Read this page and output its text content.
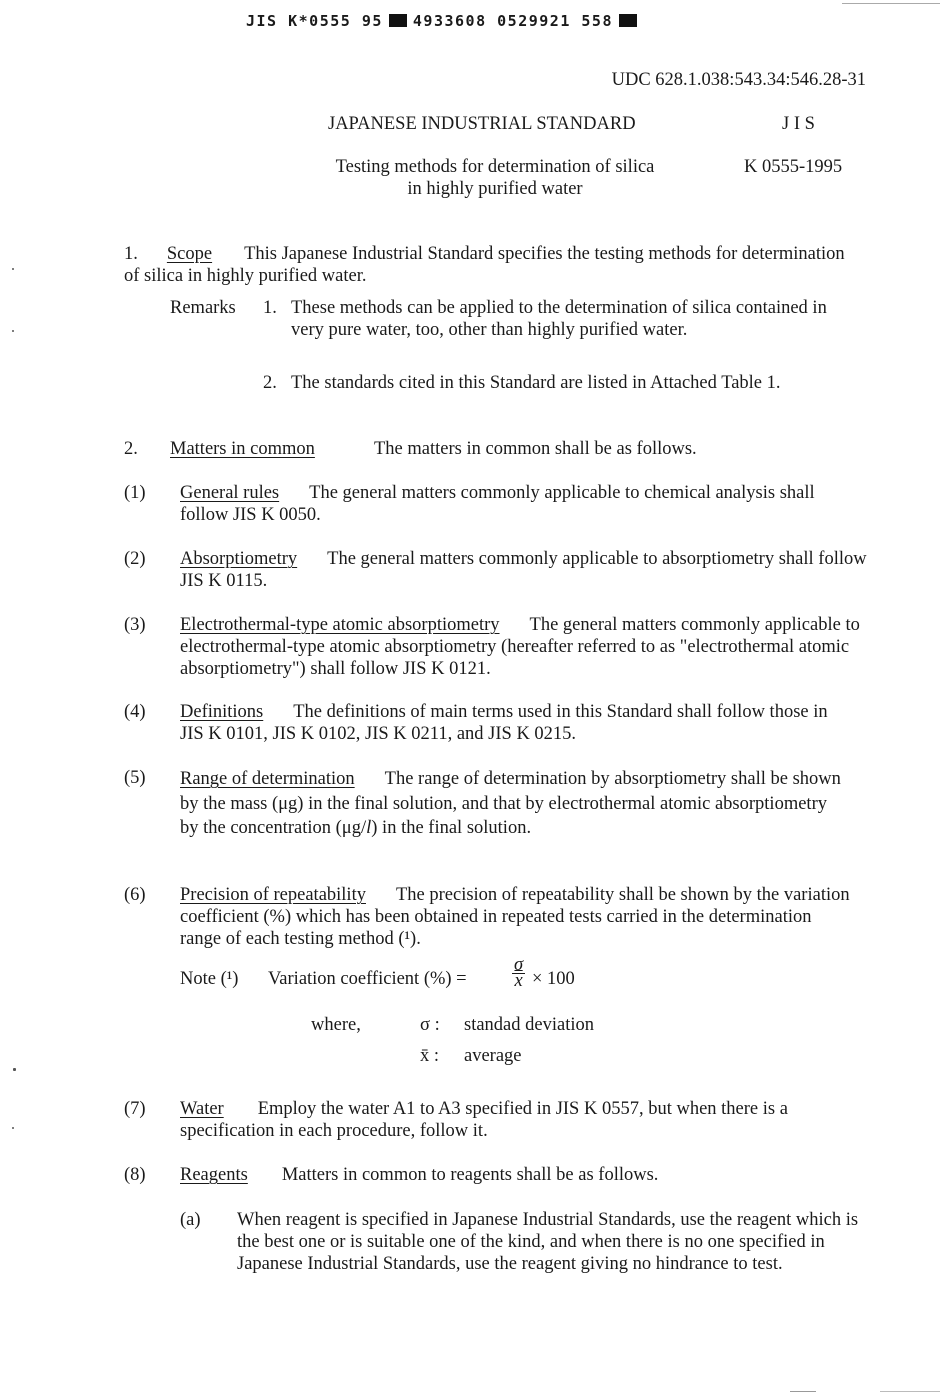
JIS K*0555 95 4933608 0529921 558
UDC 628.1.038:543.34:546.28-31
JAPANESE INDUSTRIAL STANDARD	J I S
Testing methods for determination of silica
in highly purified water
K 0555-1995
1. Scope This Japanese Industrial Standard specifies the testing methods for determination of silica in highly purified water.
Remarks 1. These methods can be applied to the determination of silica contained in very pure water, too, other than highly purified water.
2. The standards cited in this Standard are listed in Attached Table 1.
2. Matters in common	The matters in common shall be as follows.
(1) General rules The general matters commonly applicable to chemical analysis shall follow JIS K 0050.
(2) Absorptiometry The general matters commonly applicable to absorptiometry shall follow JIS K 0115.
(3) Electrothermal-type atomic absorptiometry The general matters commonly applicable to electrothermal-type atomic absorptiometry (hereafter referred to as "electrothermal atomic absorptiometry") shall follow JIS K 0121.
(4) Definitions The definitions of main terms used in this Standard shall follow those in JIS K 0101, JIS K 0102, JIS K 0211, and JIS K 0215.
(5) Range of determination The range of determination by absorptiometry shall be shown by the mass (μg) in the final solution, and that by electrothermal atomic absorptiometry by the concentration (μg/l) in the final solution.
(6) Precision of repeatability The precision of repeatability shall be shown by the variation coefficient (%) which has been obtained in repeated tests carried in the determination range of each testing method (¹).
Note (¹) Variation coefficient (%) = $\frac{\sigma}{x} \times 100$
where,	σ : standad deviation
x̄ : average
(7) Water Employ the water A1 to A3 specified in JIS K 0557, but when there is a specification in each procedure, follow it.
(8) Reagents Matters in common to reagents shall be as follows.
(a) When reagent is specified in Japanese Industrial Standards, use the reagent which is the best one or is suitable one of the kind, and when there is no one specified in Japanese Industrial Standards, use the reagent giving no hindrance to test.
